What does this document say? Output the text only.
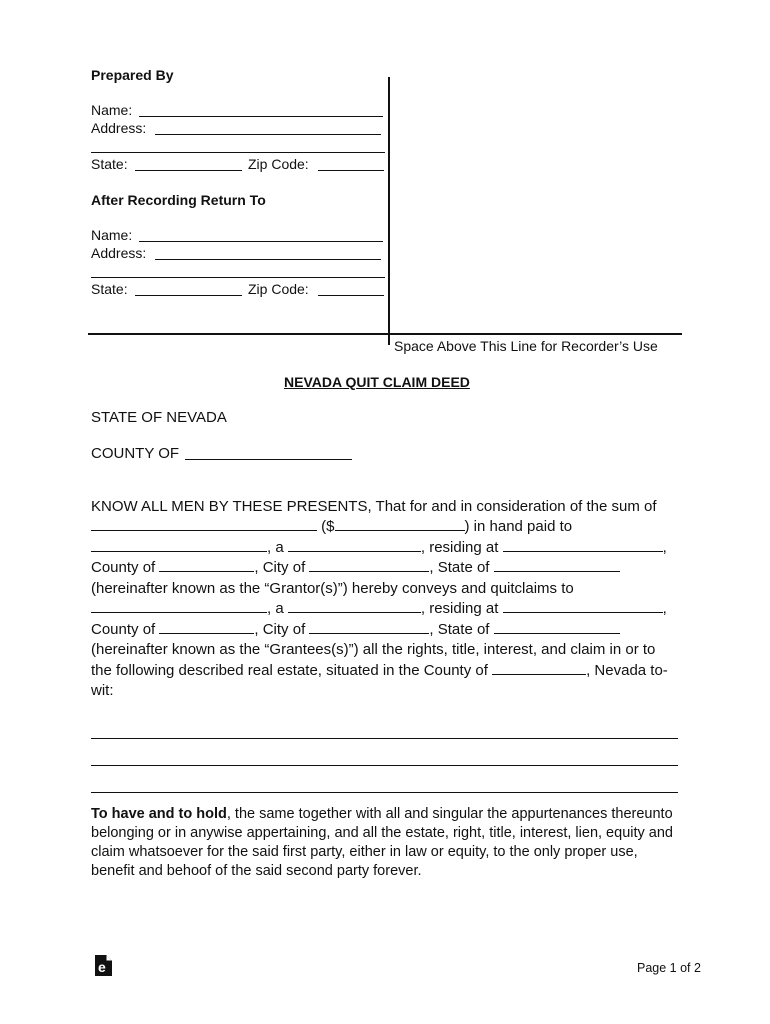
Prepared By
Name:
Address:
State:	Zip Code:
After Recording Return To
Name:
Address:
State:	Zip Code:
Space Above This Line for Recorder’s Use
NEVADA QUIT CLAIM DEED
STATE OF NEVADA
COUNTY OF
KNOW ALL MEN BY THESE PRESENTS, That for and in consideration of the sum of
($	) in hand paid to
, a	, residing at	,
County of	, City of	, State of
(hereinafter known as the “Grantor(s)”) hereby conveys and quitclaims to
, a	, residing at	,
County of	, City of	, State of
(hereinafter known as the “Grantees(s)”) all the rights, title, interest, and claim in or to
the following described real estate, situated in the County of	, Nevada to-
wit:
To have and to hold, the same together with all and singular the appurtenances thereunto belonging or in anywise appertaining, and all the estate, right, title, interest, lien, equity and claim whatsoever for the said first party, either in law or equity, to the only proper use, benefit and behoof of the said second party forever.
e	Page 1 of 2
